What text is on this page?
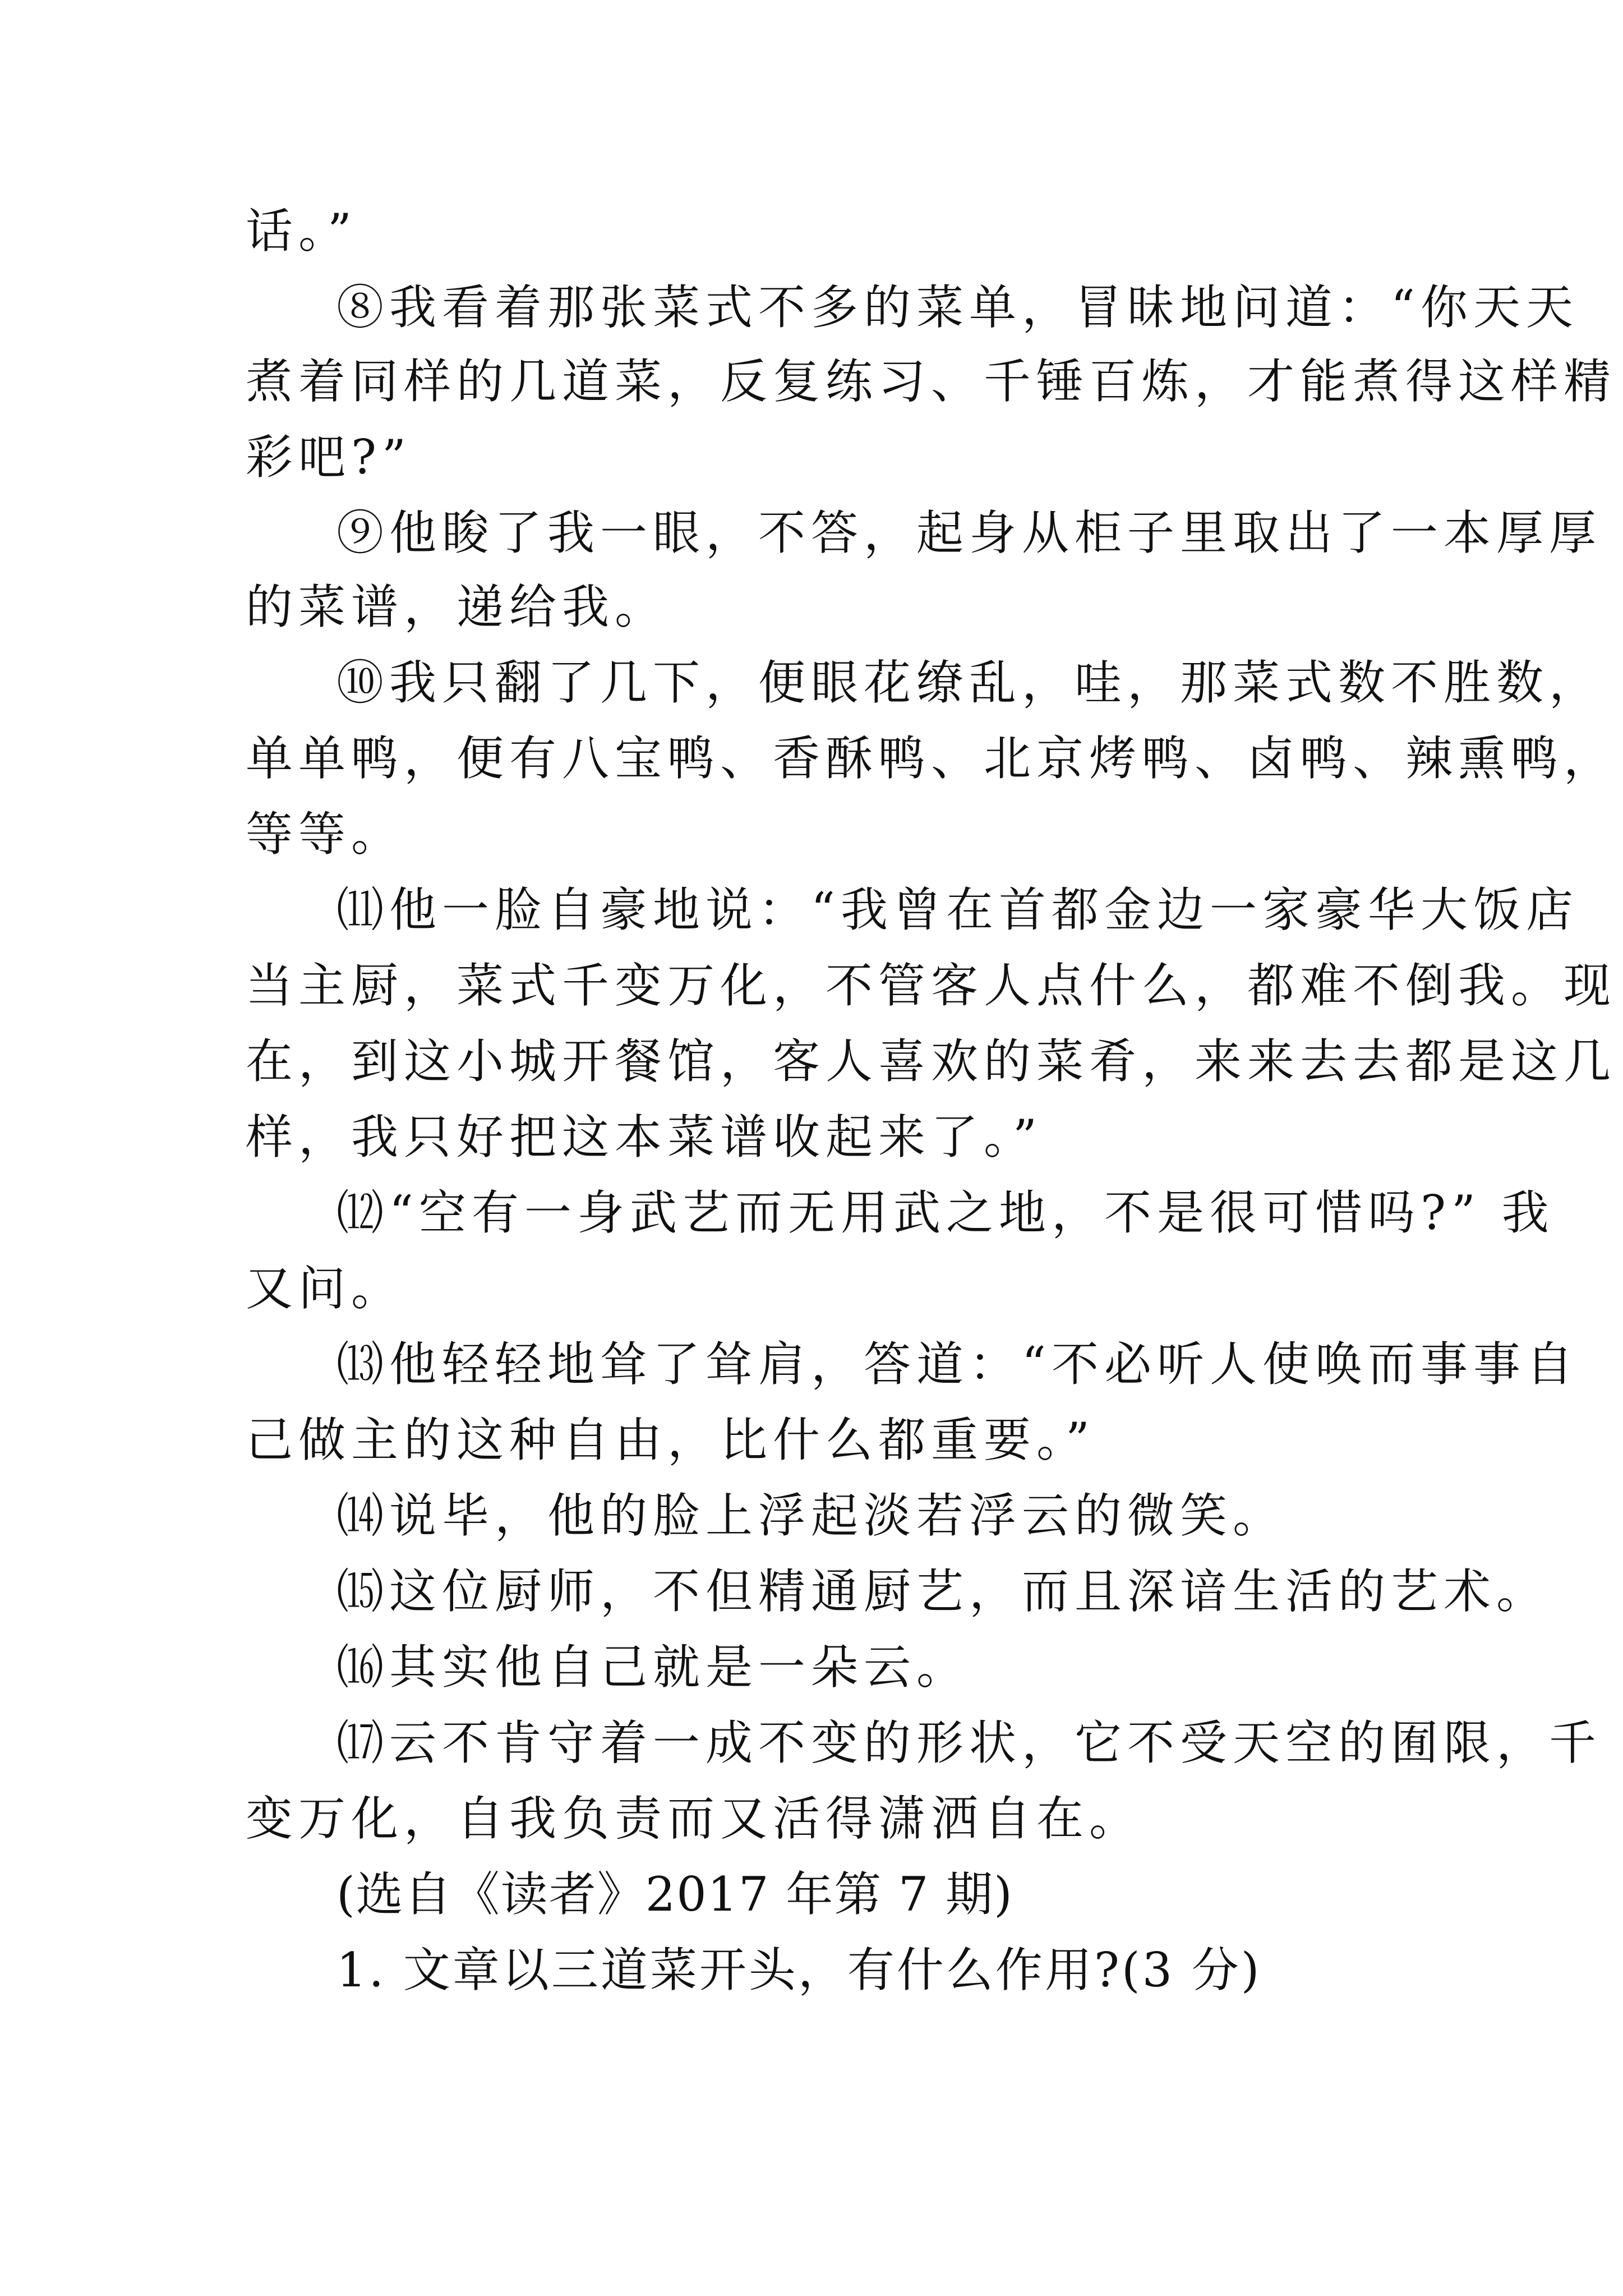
话。”
⑧我看着那张菜式不多的菜单，冒昧地问道：“你天天
煮着同样的几道菜，反复练习、千锤百炼，才能煮得这样精
彩吧?”
⑨他睃了我一眼，不答，起身从柜子里取出了一本厚厚
的菜谱，递给我。
⑩我只翻了几下，便眼花缭乱，哇，那菜式数不胜数，
单单鸭，便有八宝鸭、香酥鸭、北京烤鸭、卤鸭、辣熏鸭，
等等。
⑾他一脸自豪地说：“我曾在首都金边一家豪华大饭店
当主厨，菜式千变万化，不管客人点什么，都难不倒我。现
在，到这小城开餐馆，客人喜欢的菜肴，来来去去都是这几
样，我只好把这本菜谱收起来了。”
⑿“空有一身武艺而无用武之地，不是很可惜吗?” 我
又问。
⒀他轻轻地耸了耸肩，答道：“不必听人使唤而事事自
己做主的这种自由，比什么都重要。”
⒁说毕，他的脸上浮起淡若浮云的微笑。
⒂这位厨师，不但精通厨艺，而且深谙生活的艺术。
⒃其实他自己就是一朵云。
⒄云不肯守着一成不变的形状，它不受天空的囿限，千
变万化，自我负责而又活得潇洒自在。
(选自《读者》2017 年第 7 期)
1. 文章以三道菜开头，有什么作用?(3 分)
